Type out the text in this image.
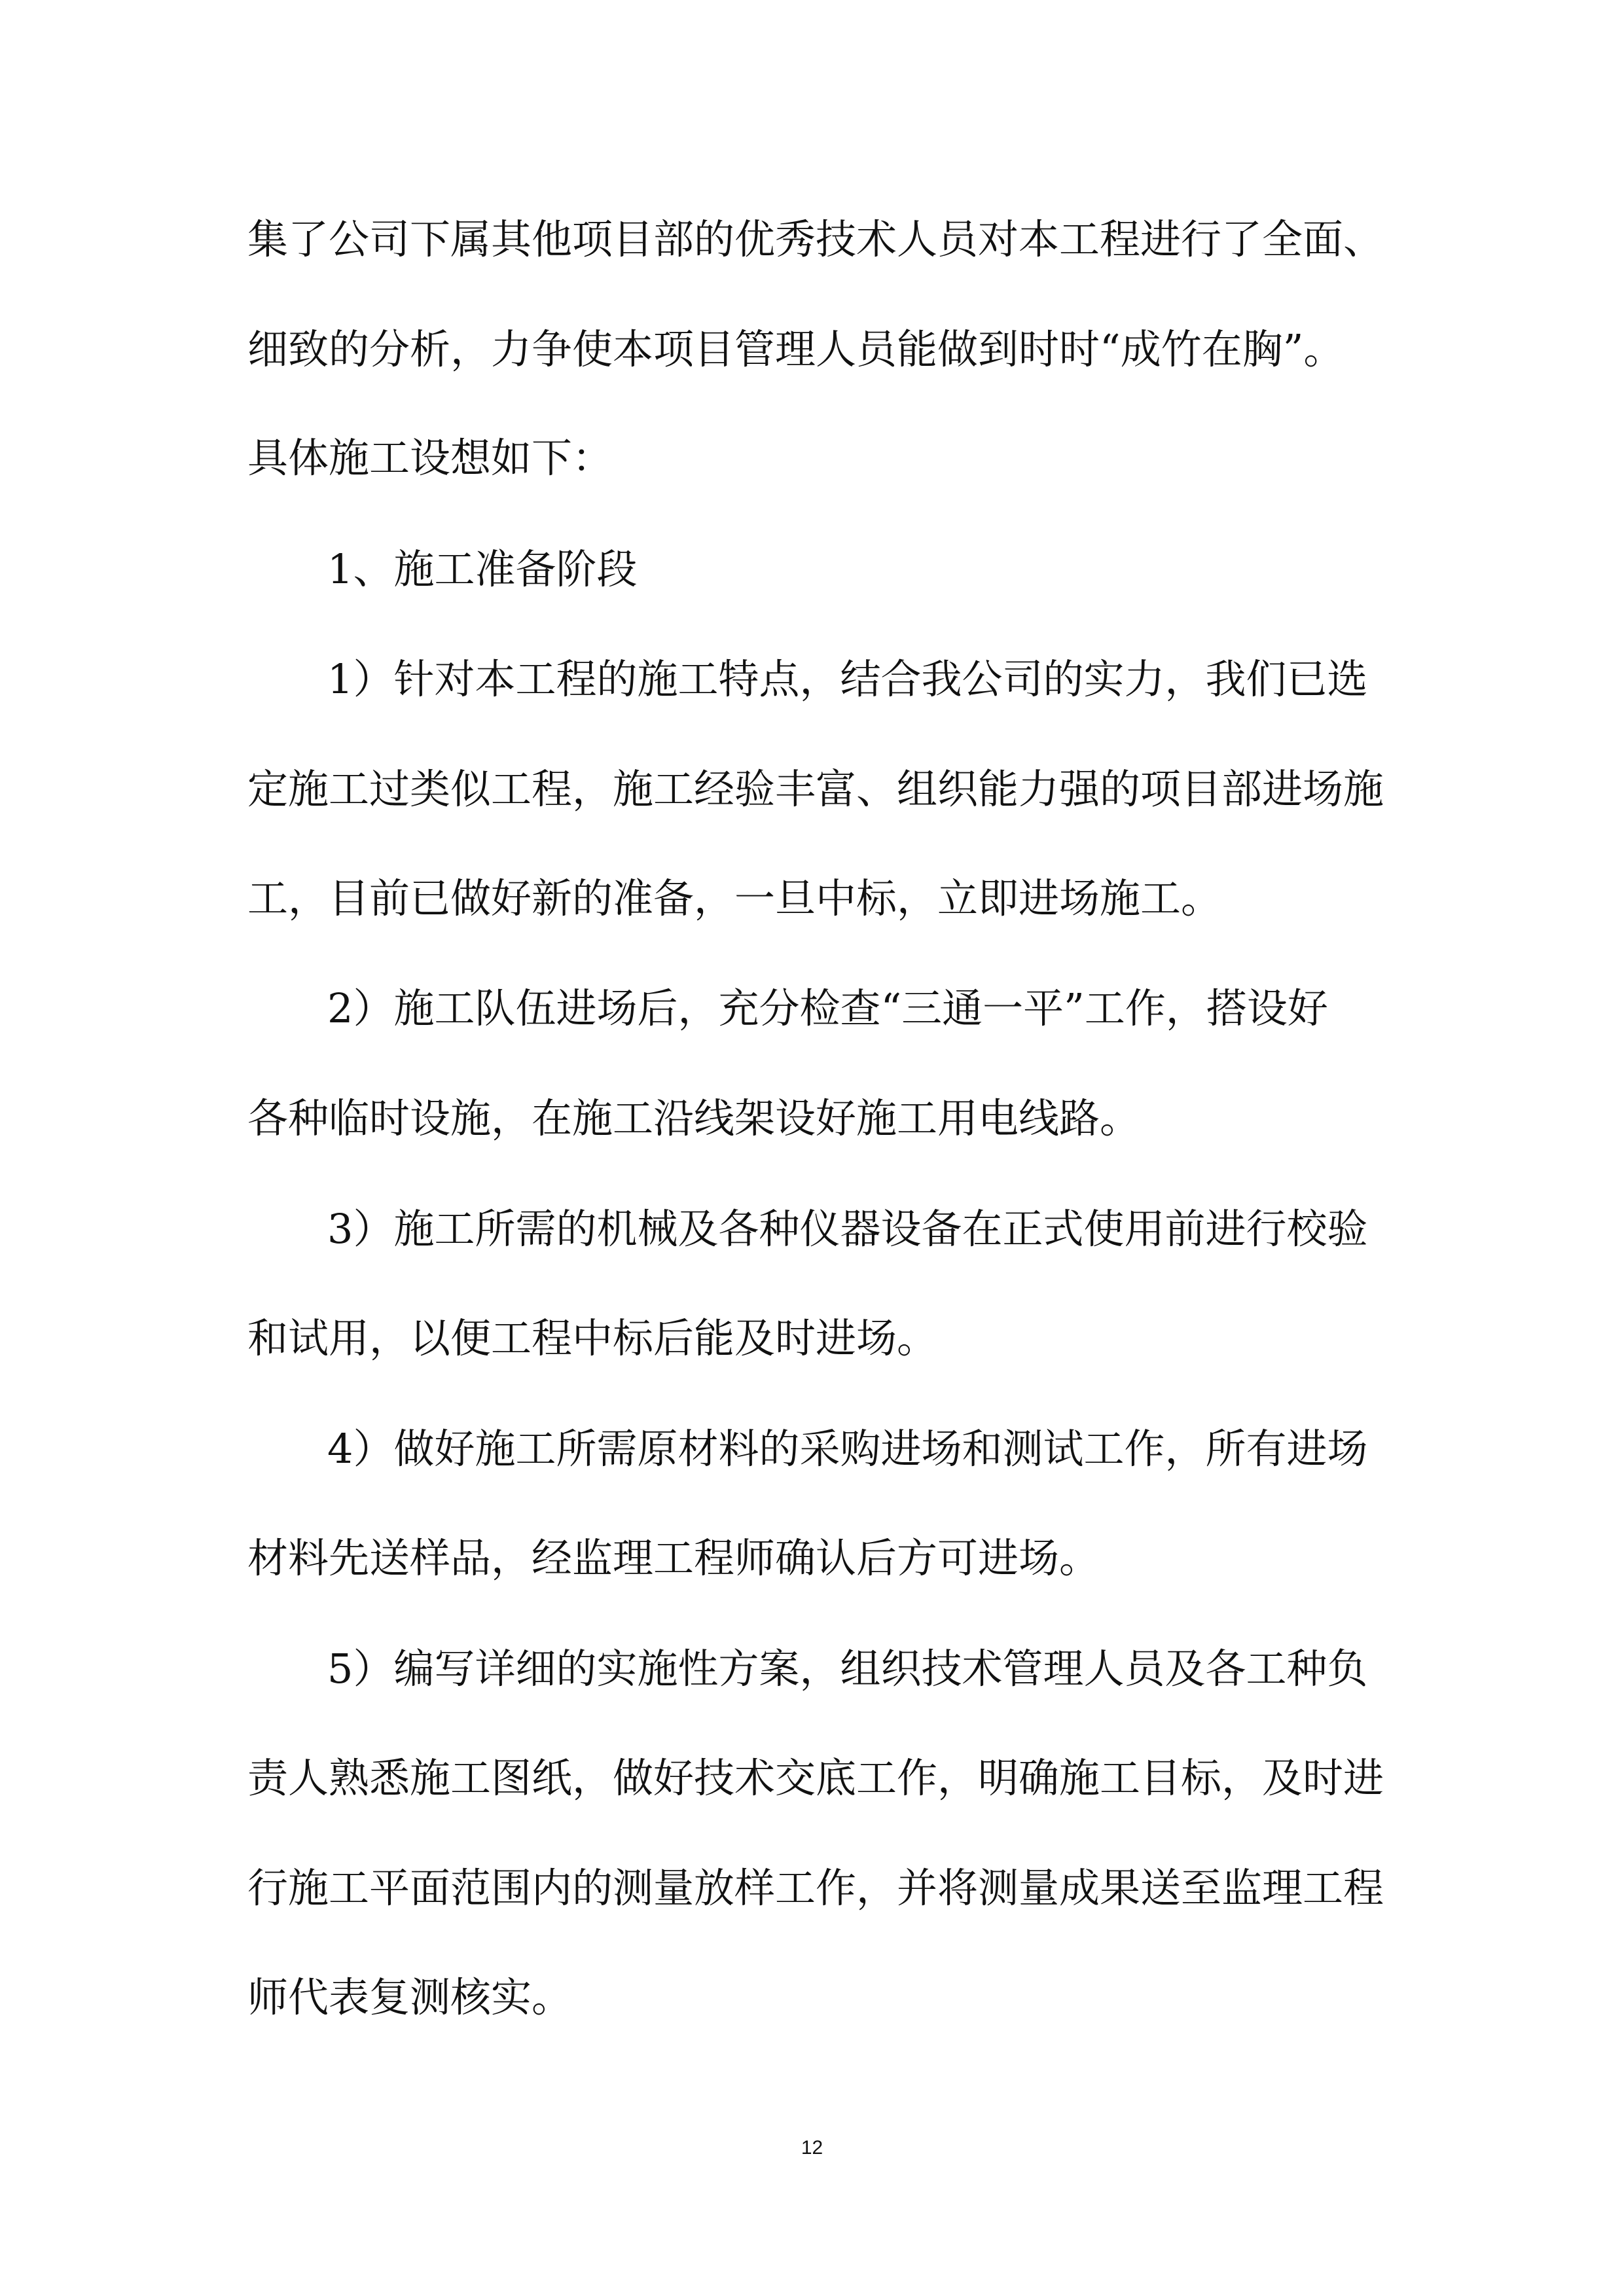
集了公司下属其他项目部的优秀技术人员对本工程进行了全面、
细致的分析，力争使本项目管理人员能做到时时“成竹在胸”。
具体施工设想如下：
1、施工准备阶段
1）针对本工程的施工特点，结合我公司的实力，我们已选
定施工过类似工程，施工经验丰富、组织能力强的项目部进场施
工，目前已做好新的准备，一旦中标，立即进场施工。
2）施工队伍进场后，充分检查“三通一平”工作，搭设好
各种临时设施，在施工沿线架设好施工用电线路。
3）施工所需的机械及各种仪器设备在正式使用前进行校验
和试用，以便工程中标后能及时进场。
4）做好施工所需原材料的采购进场和测试工作，所有进场
材料先送样品，经监理工程师确认后方可进场。
5）编写详细的实施性方案，组织技术管理人员及各工种负
责人熟悉施工图纸，做好技术交底工作，明确施工目标，及时进
行施工平面范围内的测量放样工作，并将测量成果送至监理工程
师代表复测核实。
12
